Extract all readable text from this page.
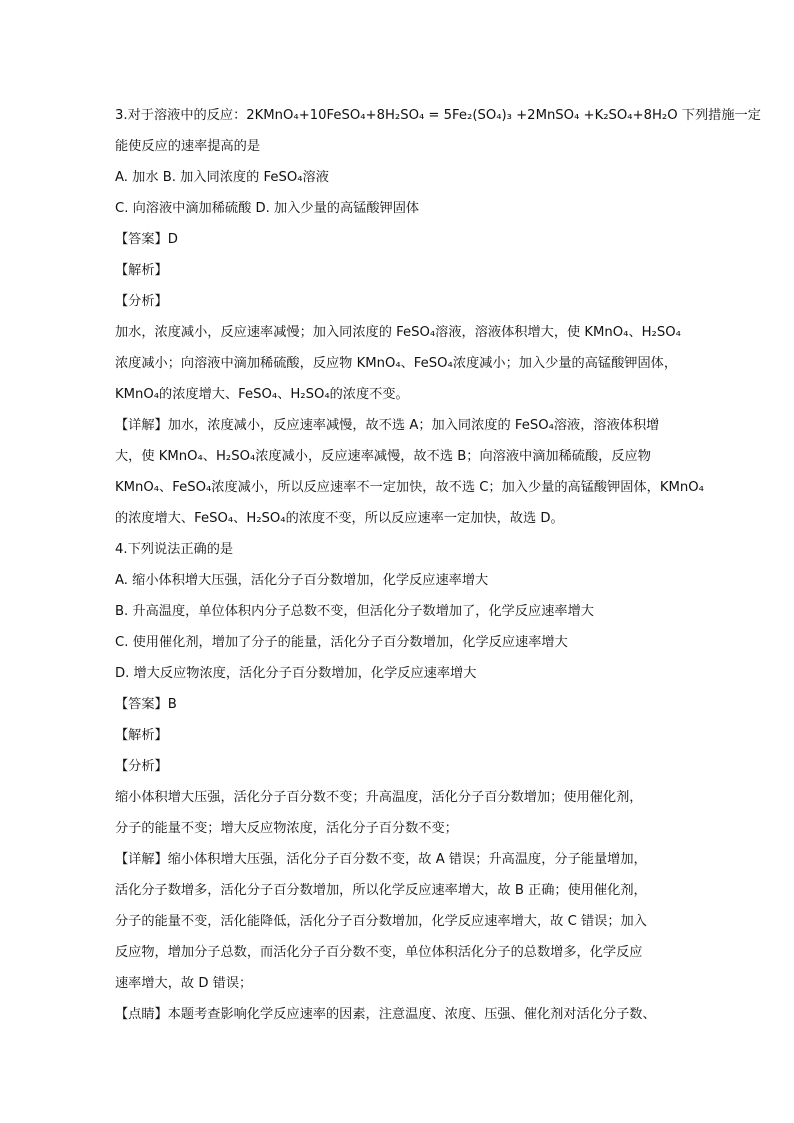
3.对于溶液中的反应：2KMnO₄+10FeSO₄+8H₂SO₄ = 5Fe₂(SO₄)₃ +2MnSO₄ +K₂SO₄+8H₂O 下列措施一定
能使反应的速率提高的是
A. 加水 B. 加入同浓度的 FeSO₄溶液
C. 向溶液中滴加稀硫酸 D. 加入少量的高锰酸钾固体
【答案】D
【解析】
【分析】
加水，浓度减小，反应速率减慢；加入同浓度的 FeSO₄溶液，溶液体积增大，使 KMnO₄、H₂SO₄
浓度减小；向溶液中滴加稀硫酸，反应物 KMnO₄、FeSO₄浓度减小；加入少量的高锰酸钾固体，
KMnO₄的浓度增大、FeSO₄、H₂SO₄的浓度不变。
【详解】加水，浓度减小，反应速率减慢，故不选 A；加入同浓度的 FeSO₄溶液，溶液体积增
大，使 KMnO₄、H₂SO₄浓度减小，反应速率减慢，故不选 B；向溶液中滴加稀硫酸，反应物
KMnO₄、FeSO₄浓度减小，所以反应速率不一定加快，故不选 C；加入少量的高锰酸钾固体，KMnO₄
的浓度增大、FeSO₄、H₂SO₄的浓度不变，所以反应速率一定加快，故选 D。
4.下列说法正确的是
A. 缩小体积增大压强，活化分子百分数增加，化学反应速率增大
B. 升高温度，单位体积内分子总数不变，但活化分子数增加了，化学反应速率增大
C. 使用催化剂，增加了分子的能量，活化分子百分数增加，化学反应速率增大
D. 增大反应物浓度，活化分子百分数增加，化学反应速率增大
【答案】B
【解析】
【分析】
缩小体积增大压强，活化分子百分数不变；升高温度，活化分子百分数增加；使用催化剂，
分子的能量不变；增大反应物浓度，活化分子百分数不变；
【详解】缩小体积增大压强，活化分子百分数不变，故 A 错误；升高温度，分子能量增加，
活化分子数增多，活化分子百分数增加，所以化学反应速率增大，故 B 正确；使用催化剂，
分子的能量不变，活化能降低，活化分子百分数增加，化学反应速率增大，故 C 错误；加入
反应物，增加分子总数，而活化分子百分数不变，单位体积活化分子的总数增多，化学反应
速率增大，故 D 错误；
【点睛】本题考查影响化学反应速率的因素，注意温度、浓度、压强、催化剂对活化分子数、
